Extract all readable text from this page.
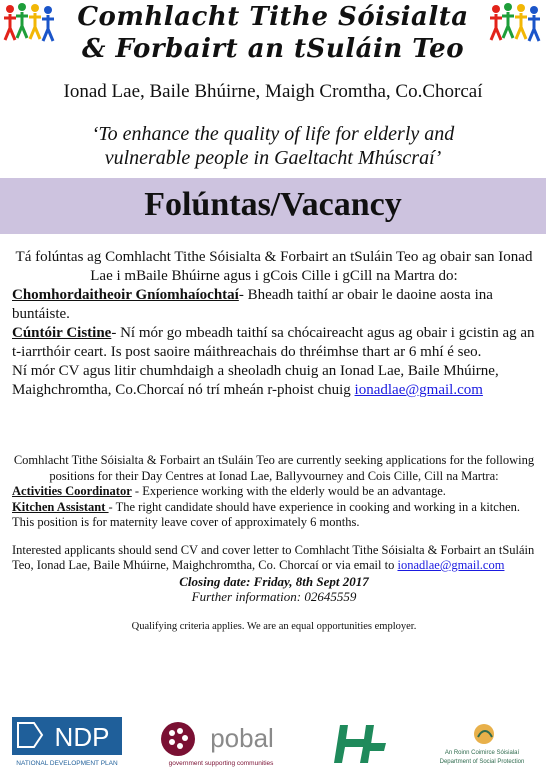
Comhlacht Tithe Sóisialta
& Forbairt an tSuláin Teo
Ionad Lae, Baile Bhúirne, Maigh Cromtha, Co.Chorcaí
‘To enhance the quality of life for elderly and
vulnerable people in Gaeltacht Mhúscraí’
Folúntas/Vacancy

Tá folúntas ag Comhlacht Tithe Sóisialta & Forbairt an tSuláin Teo ag obair san Ionad Lae i mBaile Bhúirne agus i gCois Cille i gCill na Martra do:

Chomhordaitheoir Gníomhaíochtaí- Bheadh taithí ar obair le daoine aosta ina buntáiste.

Cúntóir Cistine- Ní mór go mbeadh taithí sa chócaireacht agus ag obair i gcistin ag an t-iarrthóir ceart. Is post saoire máithreachais do thréimhse thart ar 6 mhí é seo.

Ní mór CV agus litir chumhdaigh a sheoladh chuig an Ionad Lae, Baile Mhúirne, Maighchromtha, Co.Chorcaí nó trí mheán r-phoist chuig ionadlae@gmail.com

Comhlacht Tithe Sóisialta & Forbairt an tSuláin Teo are currently seeking applications for the following positions for their Day Centres at Ionad Lae, Ballyvourney and Cois Cille, Cill na Martra:

Activities Coordinator - Experience working with the elderly would be an advantage.

Kitchen Assistant - The right candidate should have experience in cooking and working in a kitchen. This position is for maternity leave cover of approximately 6 months.

Interested applicants should send CV and cover letter to Comhlacht Tithe Sóisialta & Forbairt an tSuláin Teo, Ionad Lae, Baile Mhúirne, Maighchromtha, Co. Chorcaí or via email to ionadlae@gmail.com

Closing date: Friday, 8th Sept 2017

Further information: 02645559

Qualifying criteria applies. We are an equal opportunities employer.

NDP
NATIONAL DEVELOPMENT PLAN
pobal
government supporting communities
An Roinn Coimirce Sóisialaí
Department of Social Protection
